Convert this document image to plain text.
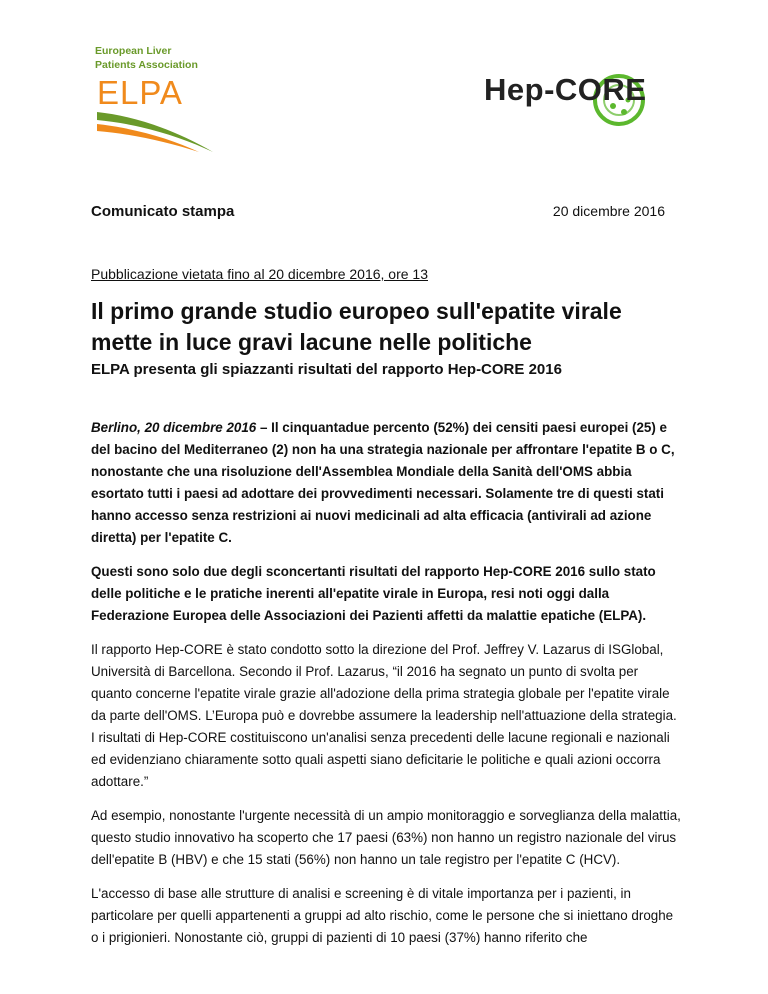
European Liver
Patients Association
ELPA	Hep-CORE
Comunicato stampa	20 dicembre 2016
Pubblicazione vietata fino al 20 dicembre 2016, ore 13
Il primo grande studio europeo sull'epatite virale mette in luce gravi lacune nelle politiche
ELPA presenta gli spiazzanti risultati del rapporto Hep-CORE 2016

Berlino, 20 dicembre 2016 – Il cinquantadue percento (52%) dei censiti paesi europei (25) e del bacino del Mediterraneo (2) non ha una strategia nazionale per affrontare l'epatite B o C, nonostante che una risoluzione dell'Assemblea Mondiale della Sanità dell'OMS abbia esortato tutti i paesi ad adottare dei provvedimenti necessari. Solamente tre di questi stati hanno accesso senza restrizioni ai nuovi medicinali ad alta efficacia (antivirali ad azione diretta) per l'epatite C.

Questi sono solo due degli sconcertanti risultati del rapporto Hep-CORE 2016 sullo stato delle politiche e le pratiche inerenti all'epatite virale in Europa, resi noti oggi dalla Federazione Europea delle Associazioni dei Pazienti affetti da malattie epatiche (ELPA).

Il rapporto Hep-CORE è stato condotto sotto la direzione del Prof. Jeffrey V. Lazarus di ISGlobal, Università di Barcellona. Secondo il Prof. Lazarus, “il 2016 ha segnato un punto di svolta per quanto concerne l'epatite virale grazie all'adozione della prima strategia globale per l'epatite virale da parte dell'OMS. L’Europa può e dovrebbe assumere la leadership nell'attuazione della strategia. I risultati di Hep-CORE costituiscono un'analisi senza precedenti delle lacune regionali e nazionali ed evidenziano chiaramente sotto quali aspetti siano deficitarie le politiche e quali azioni occorra adottare.”

Ad esempio, nonostante l'urgente necessità di un ampio monitoraggio e sorveglianza della malattia, questo studio innovativo ha scoperto che 17 paesi (63%) non hanno un registro nazionale del virus dell'epatite B (HBV) e che 15 stati (56%) non hanno un tale registro per l'epatite C (HCV).

L'accesso di base alle strutture di analisi e screening è di vitale importanza per i pazienti, in particolare per quelli appartenenti a gruppi ad alto rischio, come le persone che si iniettano droghe o i prigionieri. Nonostante ciò, gruppi di pazienti di 10 paesi (37%) hanno riferito che
